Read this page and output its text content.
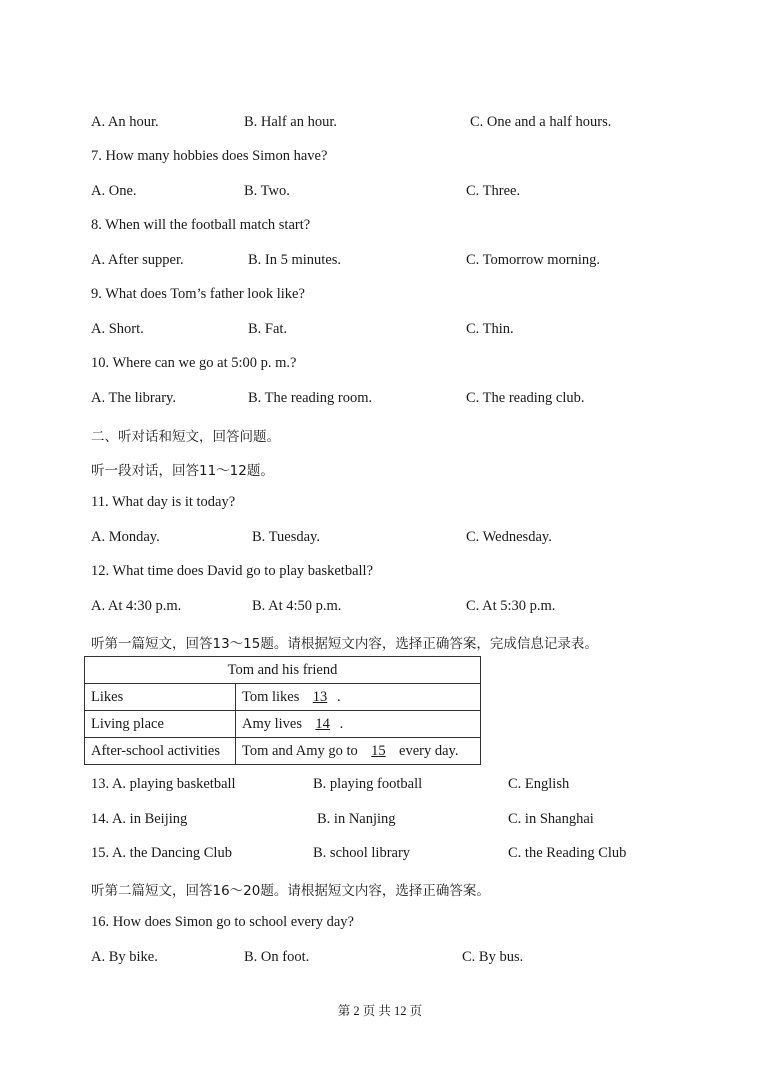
A. An hour.	B. Half an hour.	C. One and a half hours.
7. How many hobbies does Simon have?
A. One.	B. Two.	C. Three.
8. When will the football match start?
A. After supper.	B. In 5 minutes.	C. Tomorrow morning.
9. What does Tom’s father look like?
A. Short.	B. Fat.	C. Thin.
10. Where can we go at 5:00 p. m.?
A. The library.	B. The reading room.	C. The reading club.
二、听对话和短文，回答问题。
听一段对话，回答11～12题。
11. What day is it today?
A. Monday.	B. Tuesday.	C. Wednesday.
12. What time does David go to play basketball?
A. At 4:30 p.m.	B. At 4:50 p.m.	C. At 5:30 p.m.
听第一篇短文，回答13～15题。请根据短文内容，选择正确答案，完成信息记录表。
13. A. playing basketball	B. playing football	C. English
14. A. in Beijing	B. in Nanjing	C. in Shanghai
15. A. the Dancing Club	B. school library	C. the Reading Club
听第二篇短文，回答16～20题。请根据短文内容，选择正确答案。
16. How does Simon go to school every day?
A. By bike.	B. On foot.	C. By bus.
Tom and his friend	
Likes	Tom likes 13 .
Living place	Amy lives 14 .
After-school activities	Tom and Amy go to 15 every day.
第 2 页 共 12 页
